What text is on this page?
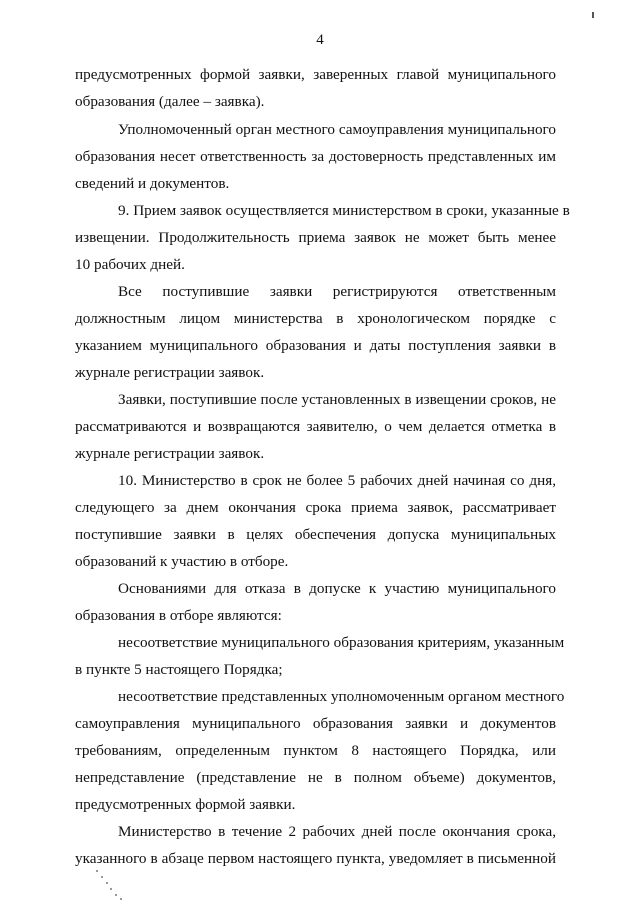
4
предусмотренных формой заявки, заверенных главой муниципального
образования (далее – заявка).
Уполномоченный орган местного самоуправления муниципального
образования несет ответственность за достоверность представленных им
сведений и документов.
9. Прием заявок осуществляется министерством в сроки, указанные в
извещении. Продолжительность приема заявок не может быть менее
10 рабочих дней.
Все поступившие заявки регистрируются ответственным
должностным лицом министерства в хронологическом порядке с
указанием муниципального образования и даты поступления заявки в
журнале регистрации заявок.
Заявки, поступившие после установленных в извещении сроков, не
рассматриваются и возвращаются заявителю, о чем делается отметка в
журнале регистрации заявок.
10. Министерство в срок не более 5 рабочих дней начиная со дня,
следующего за днем окончания срока приема заявок, рассматривает
поступившие заявки в целях обеспечения допуска муниципальных
образований к участию в отборе.
Основаниями для отказа в допуске к участию муниципального
образования в отборе являются:
несоответствие муниципального образования критериям, указанным
в пункте 5 настоящего Порядка;
несоответствие представленных уполномоченным органом местного
самоуправления муниципального образования заявки и документов
требованиям, определенным пунктом 8 настоящего Порядка, или
непредставление (представление не в полном объеме) документов,
предусмотренных формой заявки.
Министерство в течение 2 рабочих дней после окончания срока,
указанного в абзаце первом настоящего пункта, уведомляет в письменной
